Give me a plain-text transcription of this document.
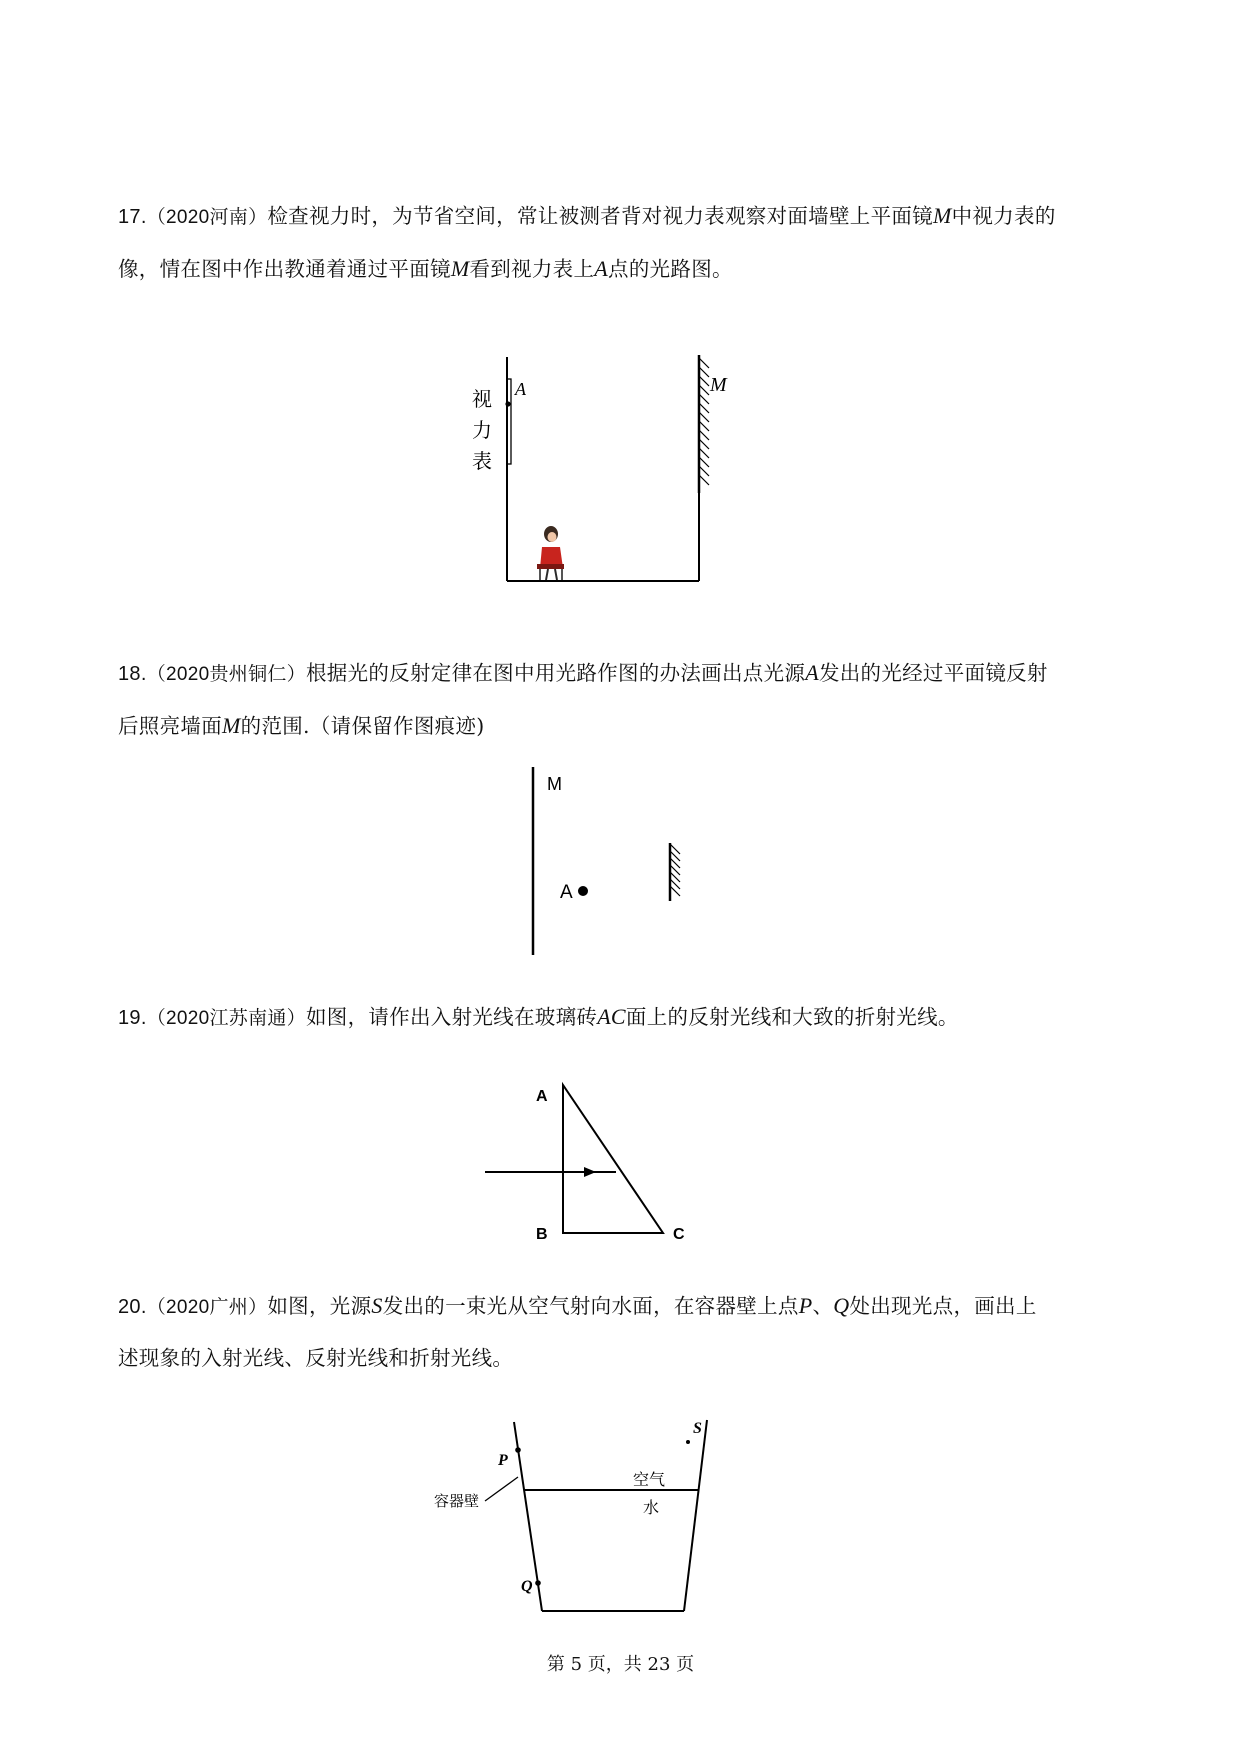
17.（2020河南）检查视力时，为节省空间，常让被测者背对视力表观察对面墙壁上平面镜M中视力表的
像，情在图中作出教通着通过平面镜M看到视力表上A点的光路图。
A
视
力
表
M
18.（2020贵州铜仁）根据光的反射定律在图中用光路作图的办法画出点光源A发出的光经过平面镜反射
后照亮墙面M的范围.（请保留作图痕迹)
M
A
19.（2020江苏南通）如图，请作出入射光线在玻璃砖AC面上的反射光线和大致的折射光线。
A
B	C
20.（2020广州）如图，光源S发出的一束光从空气射向水面，在容器壁上点P、Q处出现光点，画出上
述现象的入射光线、反射光线和折射光线。
P
Q
S
容器壁
空气
水
第 5 页，共 23 页
